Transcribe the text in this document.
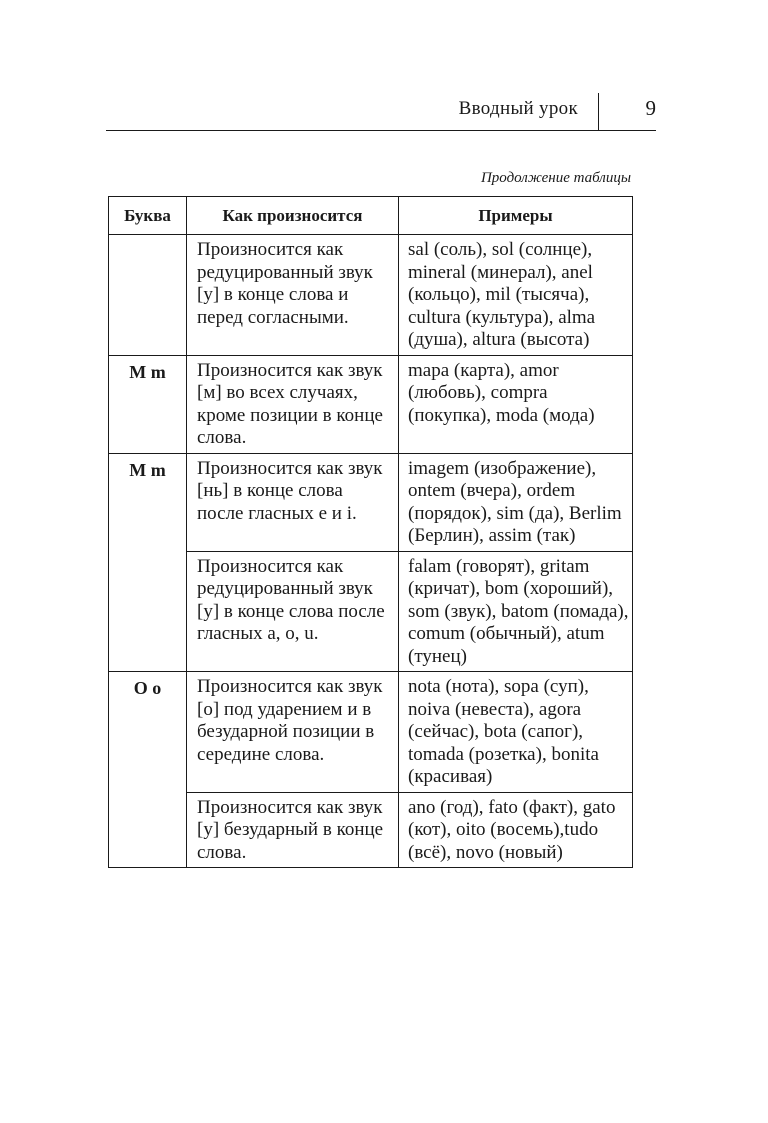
Вводный урок	9
Продолжение таблицы
Буква	Как произносится	Примеры
	Произносится как редуцированный звук [у] в конце слова и перед согласными.	sal (соль), sol (солнце), mineral (минерал), anel (кольцо), mil (тысяча), cultura (культура), alma (душа), altura (высота)
M m	Произносится как звук [м] во всех случаях, кроме позиции в конце слова.	mapa (карта), amor (любовь), compra (покупка), moda (мода)
M m	Произносится как звук [нь] в конце слова после гласных e и i.	imagem (изображение), ontem (вчера), ordem (порядок), sim (да), Berlim (Берлин), assim (так)
	Произносится как редуцированный звук [у] в конце слова после гласных a, o, u.	falam (говорят), gritam (кричат), bom (хороший), som (звук), batom (помада), comum (обычный), atum (тунец)
O o	Произносится как звук [o] под ударением и в безударной позиции в середине слова.	nota (нота), sopa (суп), noiva (невеста), agora (сейчас), bota (сапог), tomada (розетка), bonita (красивая)
	Произносится как звук [у] безударный в конце слова.	ano (год), fato (факт), gato (кот), oito (восемь),tudo (всё), novo (новый)
